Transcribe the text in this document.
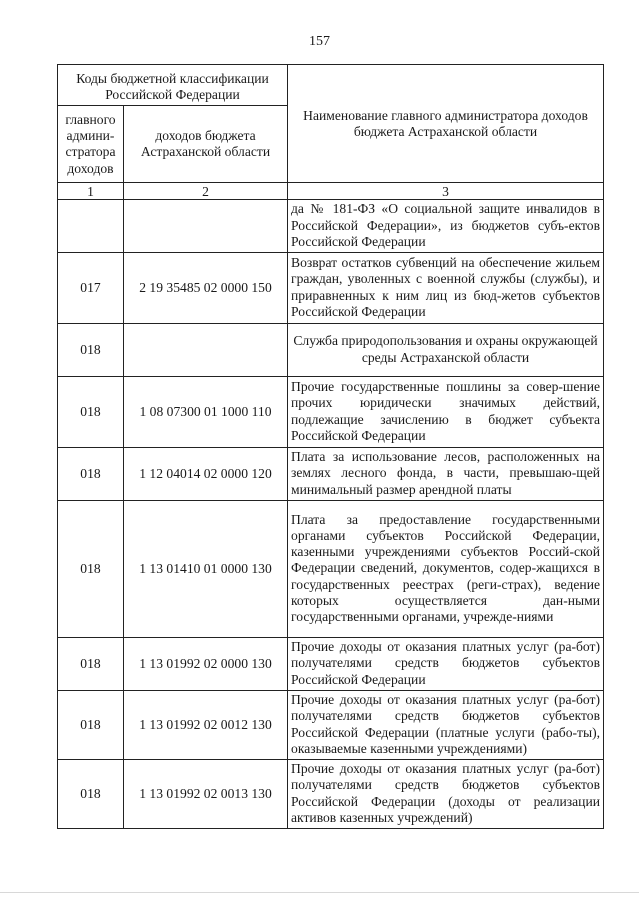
157
Коды бюджетной классификации Российской Федерации		Наименование главного администратора доходов бюджета Астраханской области
главного админи-стратора доходов	доходов бюджета Астраханской области	
1	2	3
		да № 181-ФЗ «О социальной защите инвалидов в Российской Федерации», из бюджетов субъ-ектов Российской Федерации
017	2 19 35485 02 0000 150	Возврат остатков субвенций на обеспечение жильем граждан, уволенных с военной службы (службы), и приравненных к ним лиц из бюд-жетов субъектов Российской Федерации
018		Служба природопользования и охраны окружающей среды Астраханской области
018	1 08 07300 01 1000 110	Прочие государственные пошлины за совер-шение прочих юридически значимых действий, подлежащие зачислению в бюджет субъекта Российской Федерации
018	1 12 04014 02 0000 120	Плата за использование лесов, расположенных на землях лесного фонда, в части, превышаю-щей минимальный размер арендной платы
018	1 13 01410 01 0000 130	Плата за предоставление государственными органами субъектов Российской Федерации, казенными учреждениями субъектов Россий-ской Федерации сведений, документов, содер-жащихся в государственных реестрах (реги-страх), ведение которых осуществляется дан-ными государственными органами, учрежде-ниями
018	1 13 01992 02 0000 130	Прочие доходы от оказания платных услуг (ра-бот) получателями средств бюджетов субъектов Российской Федерации
018	1 13 01992 02 0012 130	Прочие доходы от оказания платных услуг (ра-бот) получателями средств бюджетов субъектов Российской Федерации (платные услуги (рабо-ты), оказываемые казенными учреждениями)
018	1 13 01992 02 0013 130	Прочие доходы от оказания платных услуг (ра-бот) получателями средств бюджетов субъектов Российской Федерации (доходы от реализации активов казенных учреждений)
